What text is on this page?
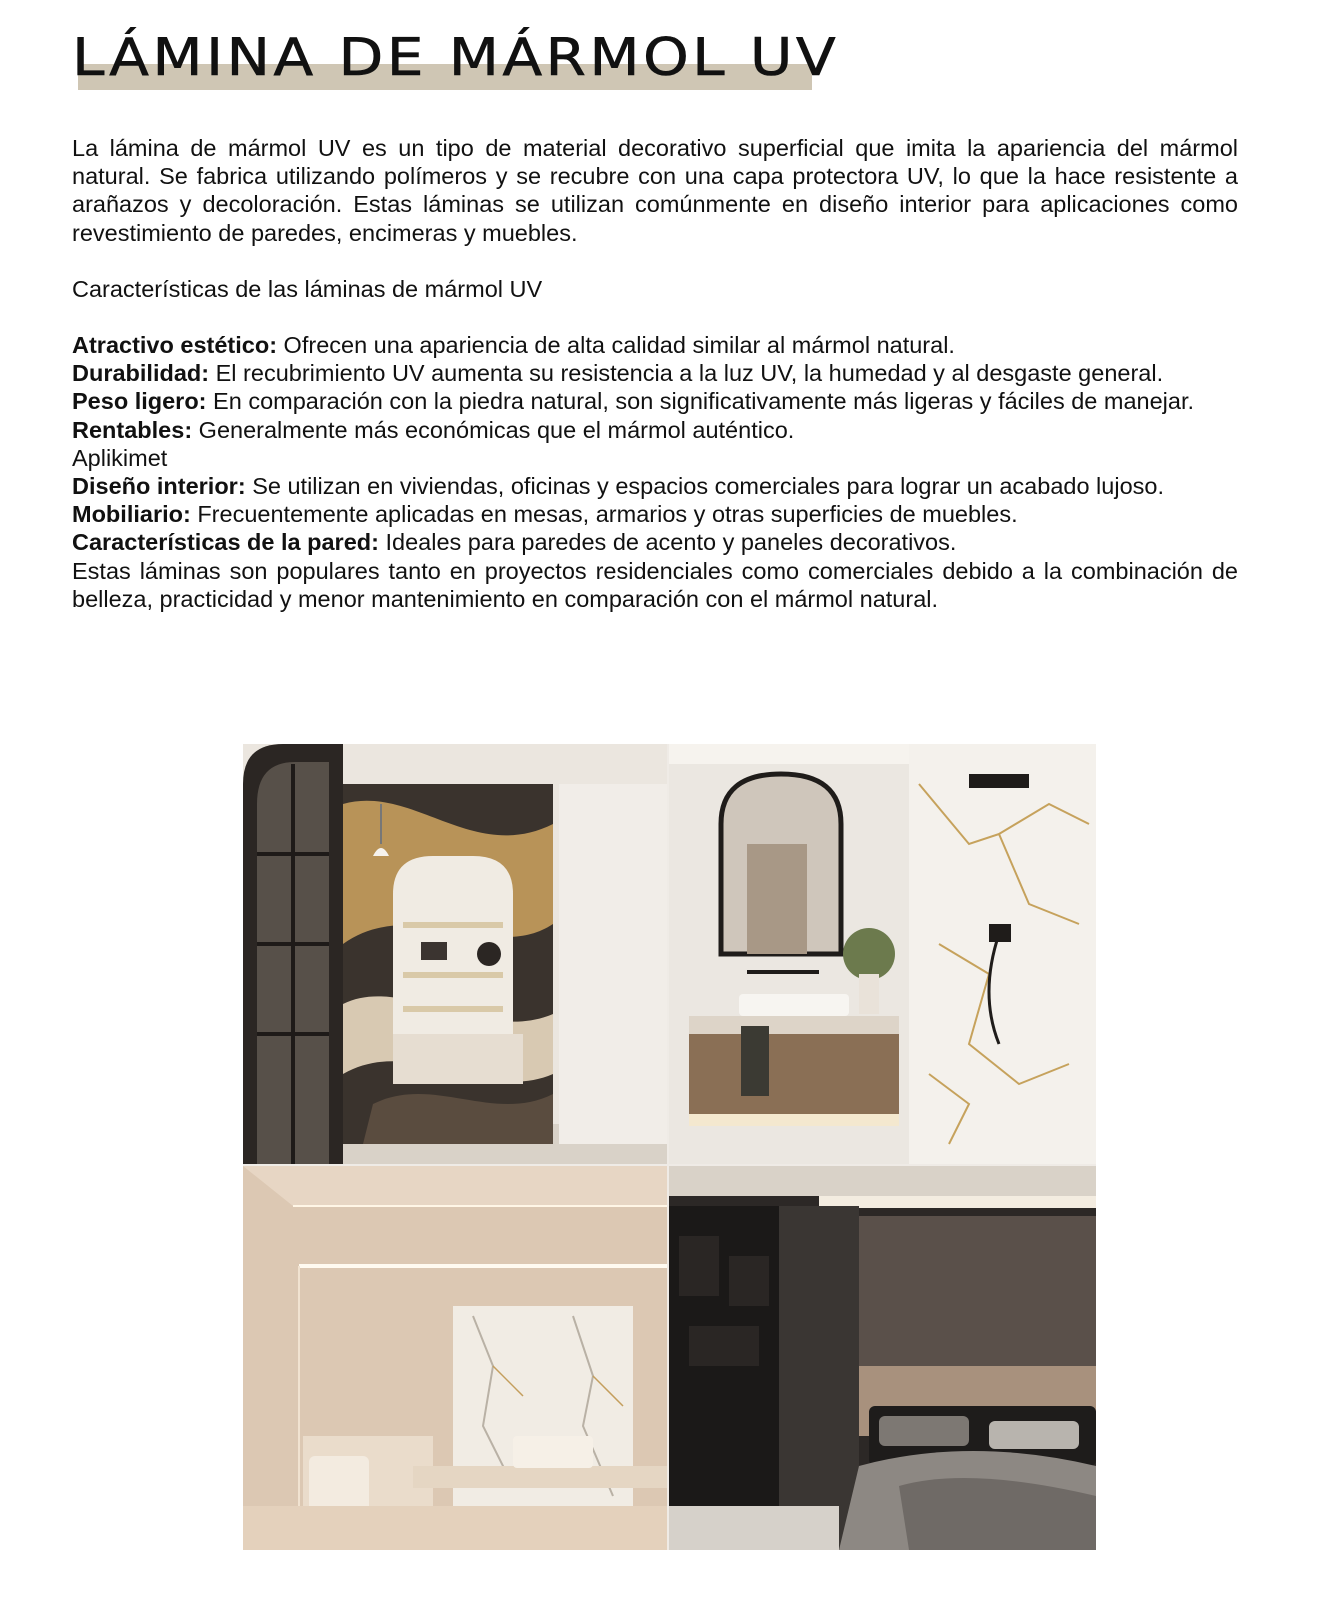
LÁMINA DE MÁRMOL UV

La lámina de mármol UV es un tipo de material decorativo superficial que imita la apariencia del mármol natural. Se fabrica utilizando polímeros y se recubre con una capa protectora UV, lo que la hace resistente a arañazos y decoloración. Estas láminas se utilizan comúnmente en diseño interior para aplicaciones como revestimiento de paredes, encimeras y muebles.

Características de las láminas de mármol UV

Atractivo estético: Ofrecen una apariencia de alta calidad similar al mármol natural.

Durabilidad: El recubrimiento UV aumenta su resistencia a la luz UV, la humedad y al desgaste general.

Peso ligero: En comparación con la piedra natural, son significativamente más ligeras y fáciles de manejar.

Rentables: Generalmente más económicas que el mármol auténtico.

Aplikimet

Diseño interior: Se utilizan en viviendas, oficinas y espacios comerciales para lograr un acabado lujoso.

Mobiliario: Frecuentemente aplicadas en mesas, armarios y otras superficies de muebles.

Características de la pared: Ideales para paredes de acento y paneles decorativos.

Estas láminas son populares tanto en proyectos residenciales como comerciales debido a la combinación de belleza, practicidad y menor mantenimiento en comparación con el mármol natural.
